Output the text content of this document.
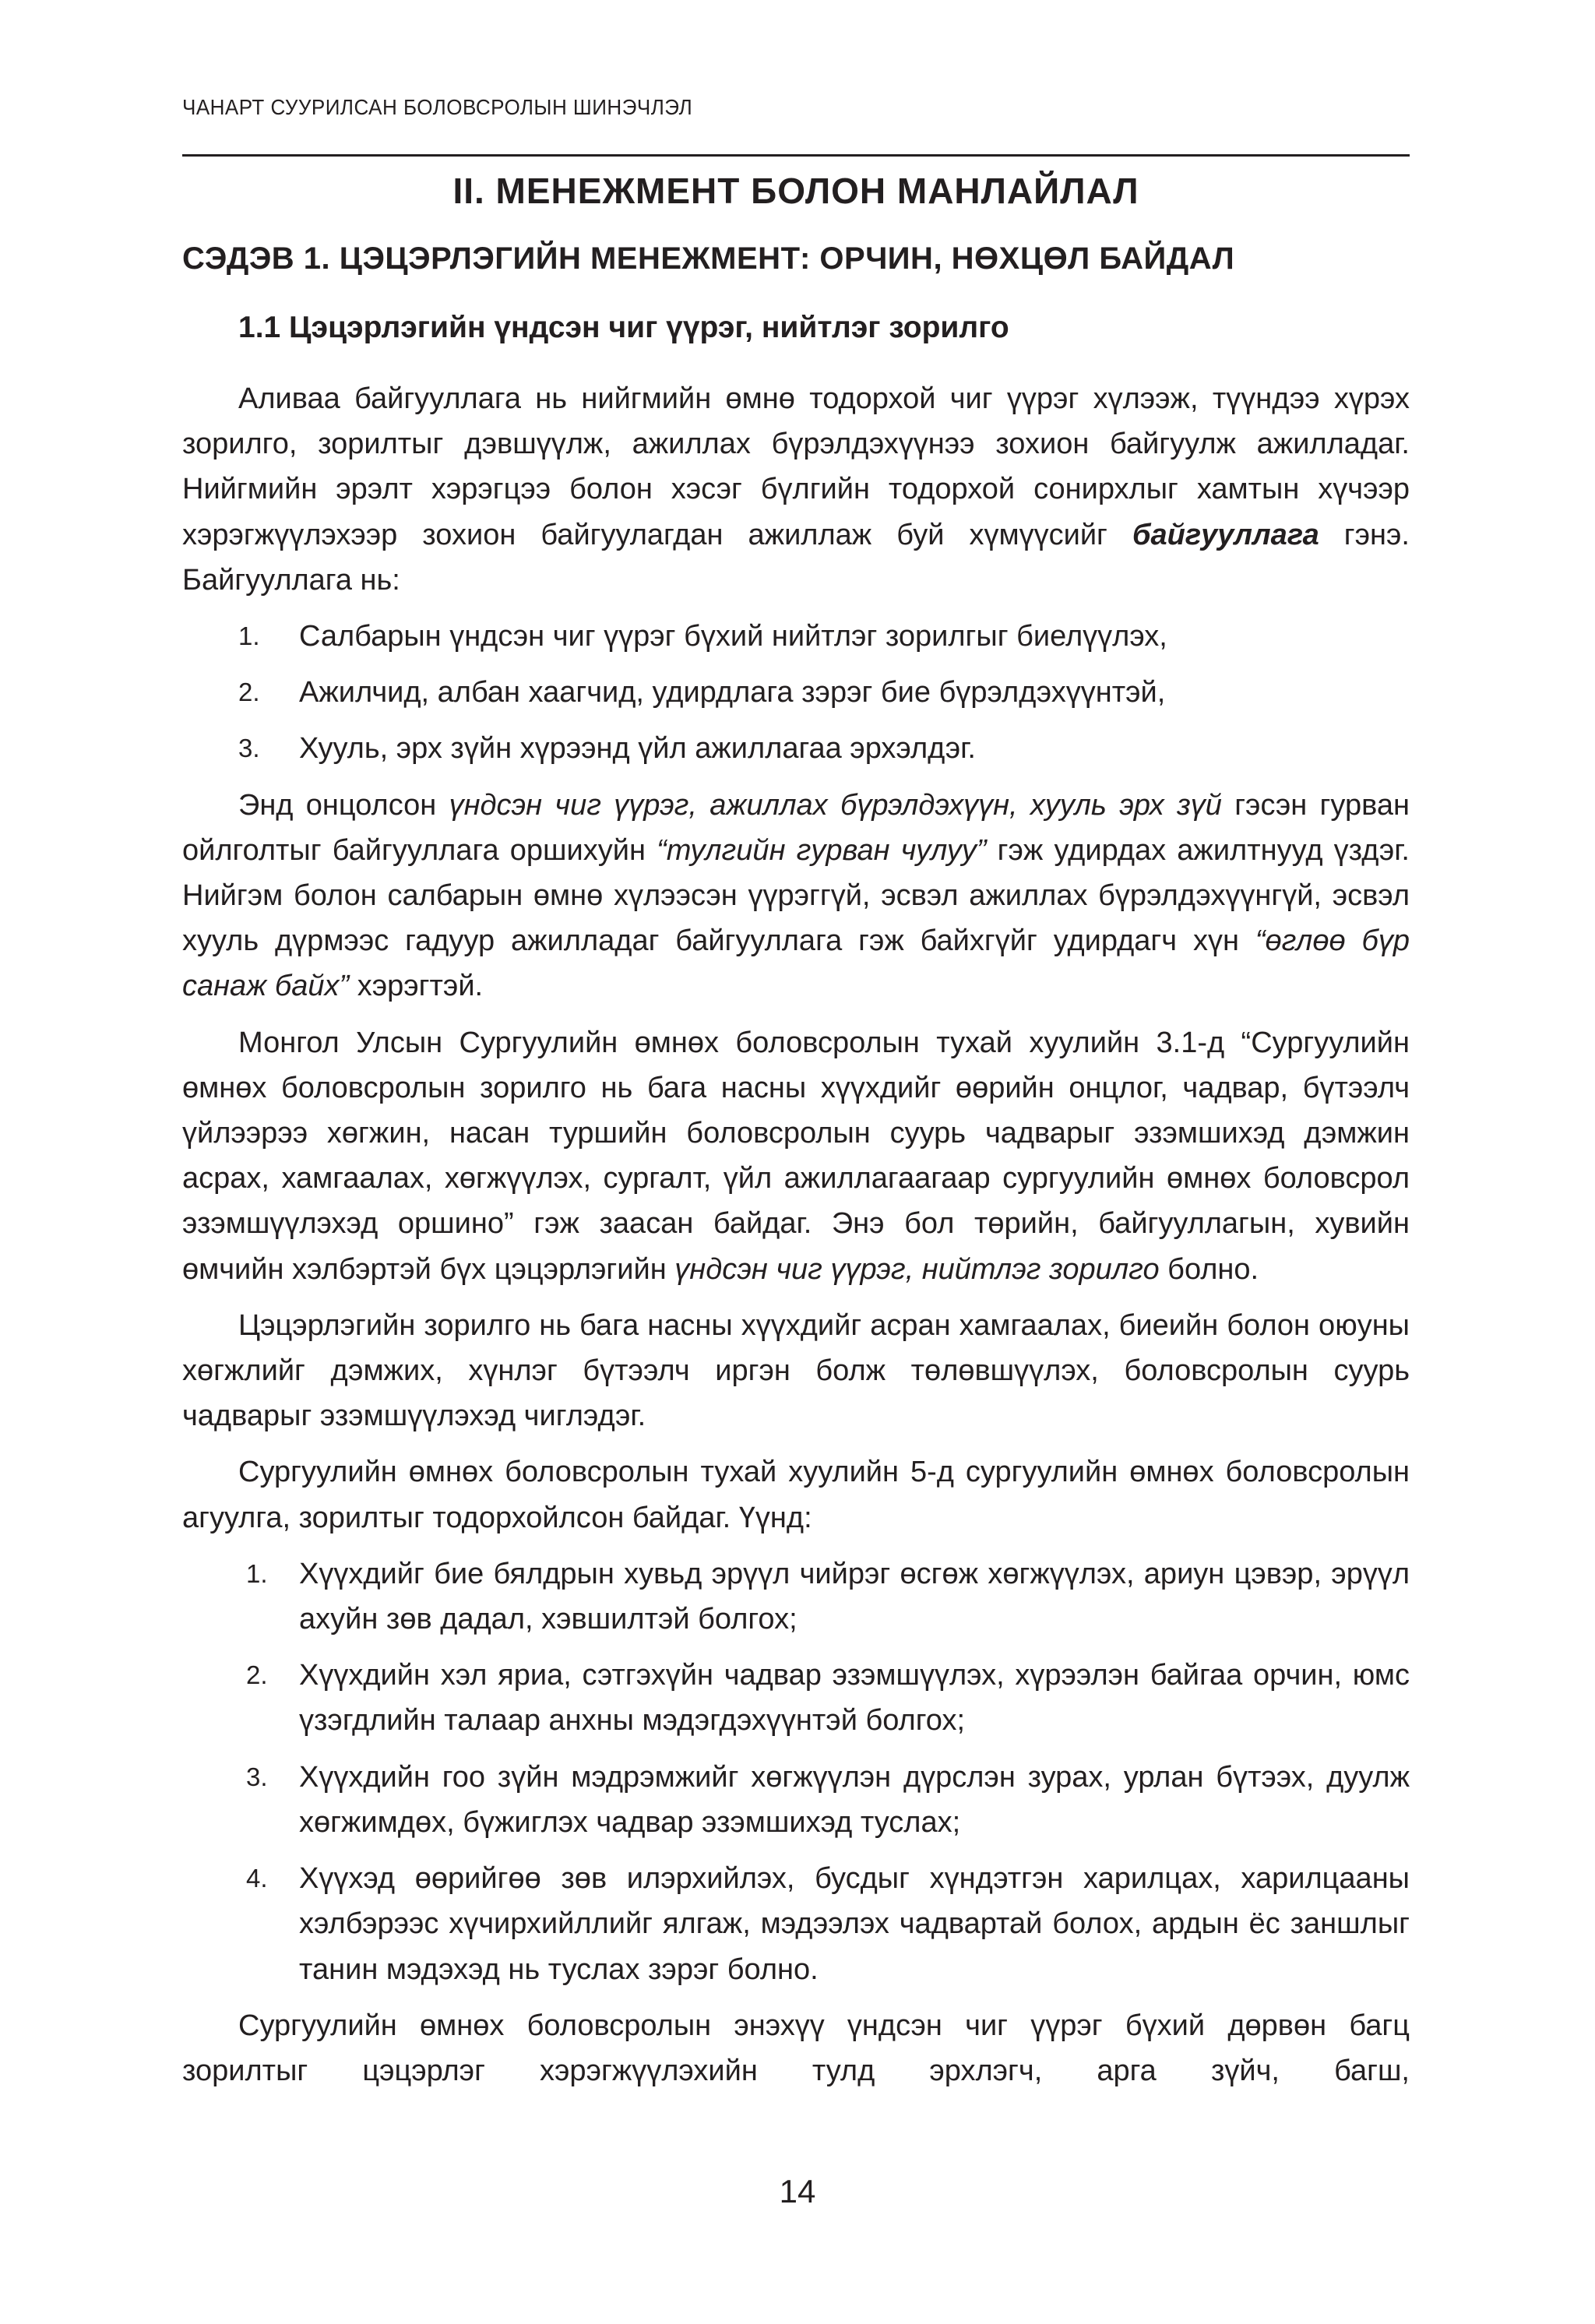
ЧАНАРТ СУУРИЛСАН БОЛОВСРОЛЫН ШИНЭЧЛЭЛ
II. МЕНЕЖМЕНТ БОЛОН МАНЛАЙЛАЛ
СЭДЭВ 1. ЦЭЦЭРЛЭГИЙН МЕНЕЖМЕНТ: ОРЧИН, НӨХЦӨЛ БАЙДАЛ
1.1 Цэцэрлэгийн үндсэн чиг үүрэг, нийтлэг зорилго

Аливаа байгууллага нь нийгмийн өмнө тодорхой чиг үүрэг хүлээж, түүндээ хүрэх зорилго, зорилтыг дэвшүүлж, ажиллах бүрэлдэхүүнээ зохион байгуулж ажилладаг. Нийгмийн эрэлт хэрэгцээ болон хэсэг бүлгийн тодорхой сонирхлыг хамтын хүчээр хэрэгжүүлэхээр зохион байгуулагдан ажиллаж буй хүмүүсийг байгууллага гэнэ. Байгууллага нь:

1. Салбарын үндсэн чиг үүрэг бүхий нийтлэг зорилгыг биелүүлэх,
2. Ажилчид, албан хаагчид, удирдлага зэрэг бие бүрэлдэхүүнтэй,
3. Хууль, эрх зүйн хүрээнд үйл ажиллагаа эрхэлдэг.

Энд онцолсон үндсэн чиг үүрэг, ажиллах бүрэлдэхүүн, хууль эрх зүй гэсэн гурван ойлголтыг байгууллага оршихуйн “тулгийн гурван чулуу” гэж удирдах ажилтнууд үздэг. Нийгэм болон салбарын өмнө хүлээсэн үүрэггүй, эсвэл ажиллах бүрэлдэхүүнгүй, эсвэл хууль дүрмээс гадуур ажилладаг байгууллага гэж байхгүйг удирдагч хүн “өглөө бүр санаж байх” хэрэгтэй.

Монгол Улсын Сургуулийн өмнөх боловсролын тухай хуулийн 3.1-д “Сургуулийн өмнөх боловсролын зорилго нь бага насны хүүхдийг өөрийн онцлог, чадвар, бүтээлч үйлээрээ хөгжин, насан туршийн боловсролын суурь чадварыг эзэмшихэд дэмжин асрах, хамгаалах, хөгжүүлэх, сургалт, үйл ажиллагаагаар сургуулийн өмнөх боловсрол эзэмшүүлэхэд оршино” гэж заасан байдаг. Энэ бол төрийн, байгууллагын, хувийн өмчийн хэлбэртэй бүх цэцэрлэгийн үндсэн чиг үүрэг, нийтлэг зорилго болно.

Цэцэрлэгийн зорилго нь бага насны хүүхдийг асран хамгаалах, биеийн болон оюуны хөгжлийг дэмжих, хүнлэг бүтээлч иргэн болж төлөвшүүлэх, боловсролын суурь чадварыг эзэмшүүлэхэд чиглэдэг.

Сургуулийн өмнөх боловсролын тухай хуулийн 5-д сургуулийн өмнөх боловсролын агуулга, зорилтыг тодорхойлсон байдаг. Үүнд:

1. Хүүхдийг бие бялдрын хувьд эрүүл чийрэг өсгөж хөгжүүлэх, ариун цэвэр, эрүүл ахуйн зөв дадал, хэвшилтэй болгох;
2. Хүүхдийн хэл яриа, сэтгэхүйн чадвар эзэмшүүлэх, хүрээлэн байгаа орчин, юмс үзэгдлийн талаар анхны мэдэгдэхүүнтэй болгох;
3. Хүүхдийн гоо зүйн мэдрэмжийг хөгжүүлэн дүрслэн зурах, урлан бүтээх, дуулж хөгжимдөх, бүжиглэх чадвар эзэмшихэд туслах;
4. Хүүхэд өөрийгөө зөв илэрхийлэх, бусдыг хүндэтгэн харилцах, харилцааны хэлбэрээс хүчирхийллийг ялгаж, мэдээлэх чадвартай болох, ардын ёс заншлыг танин мэдэхэд нь туслах зэрэг болно.

Сургуулийн өмнөх боловсролын энэхүү үндсэн чиг үүрэг бүхий дөрвөн багц зорилтыг цэцэрлэг хэрэгжүүлэхийн тулд эрхлэгч, арга зүйч, багш,

14
